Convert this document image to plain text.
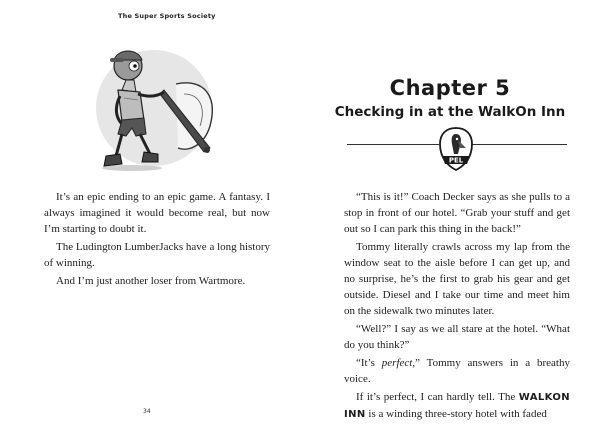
The Super Sports Society

It’s an epic ending to an epic game. A fantasy. I always imagined it would become real, but now I’m starting to doubt it.

The Ludington LumberJacks have a long history of winning.

And I’m just another loser from Wartmore.

34
Chapter 5
Checking in at the WalkOn Inn
PEL

“This is it!” Coach Decker says as she pulls to a stop in front of our hotel. “Grab your stuff and get out so I can park this thing in the back!”

Tommy literally crawls across my lap from the window seat to the aisle before I can get up, and no surprise, he’s the first to grab his gear and get outside. Diesel and I take our time and meet him on the sidewalk two minutes later.

“Well?” I say as we all stare at the hotel. “What do you think?”

“It’s perfect,” Tommy answers in a breathy voice.

If it’s perfect, I can hardly tell. The WALKON INN is a winding three-story hotel with faded
